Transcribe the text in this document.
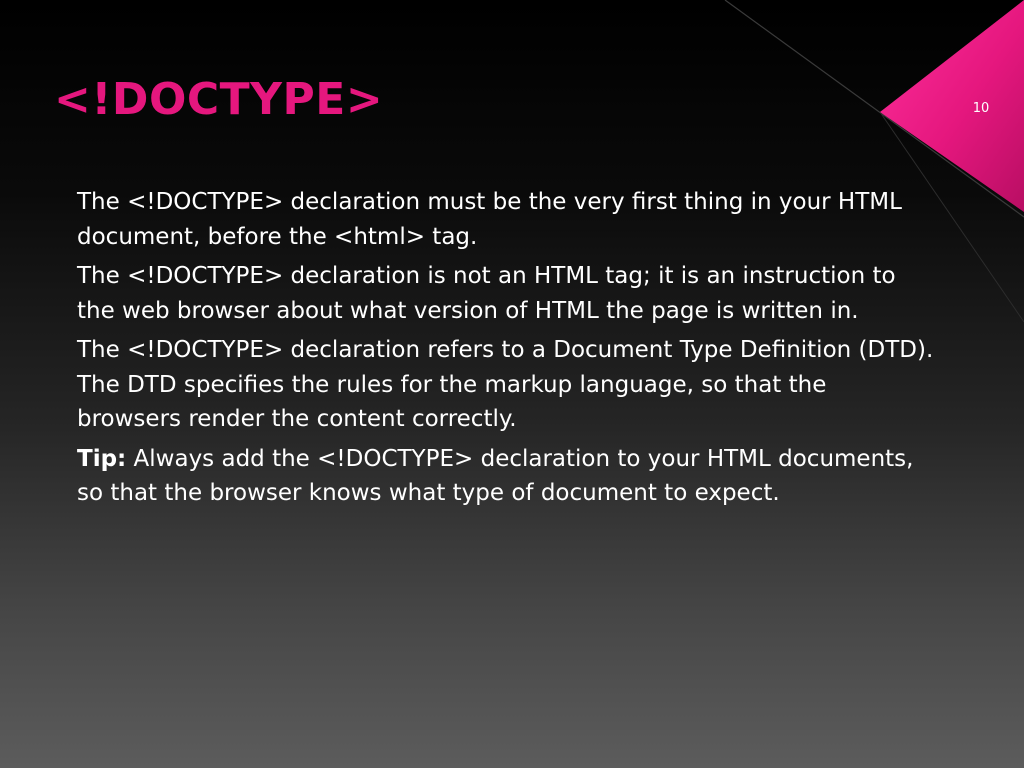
<!DOCTYPE>	10
The <!DOCTYPE> declaration must be the very first thing in your HTML document, before the <html> tag.
The <!DOCTYPE> declaration is not an HTML tag; it is an instruction to the web browser about what version of HTML the page is written in.
The <!DOCTYPE> declaration refers to a Document Type Definition (DTD). The DTD specifies the rules for the markup language, so that the browsers render the content correctly.
Tip: Always add the <!DOCTYPE> declaration to your HTML documents, so that the browser knows what type of document to expect.
